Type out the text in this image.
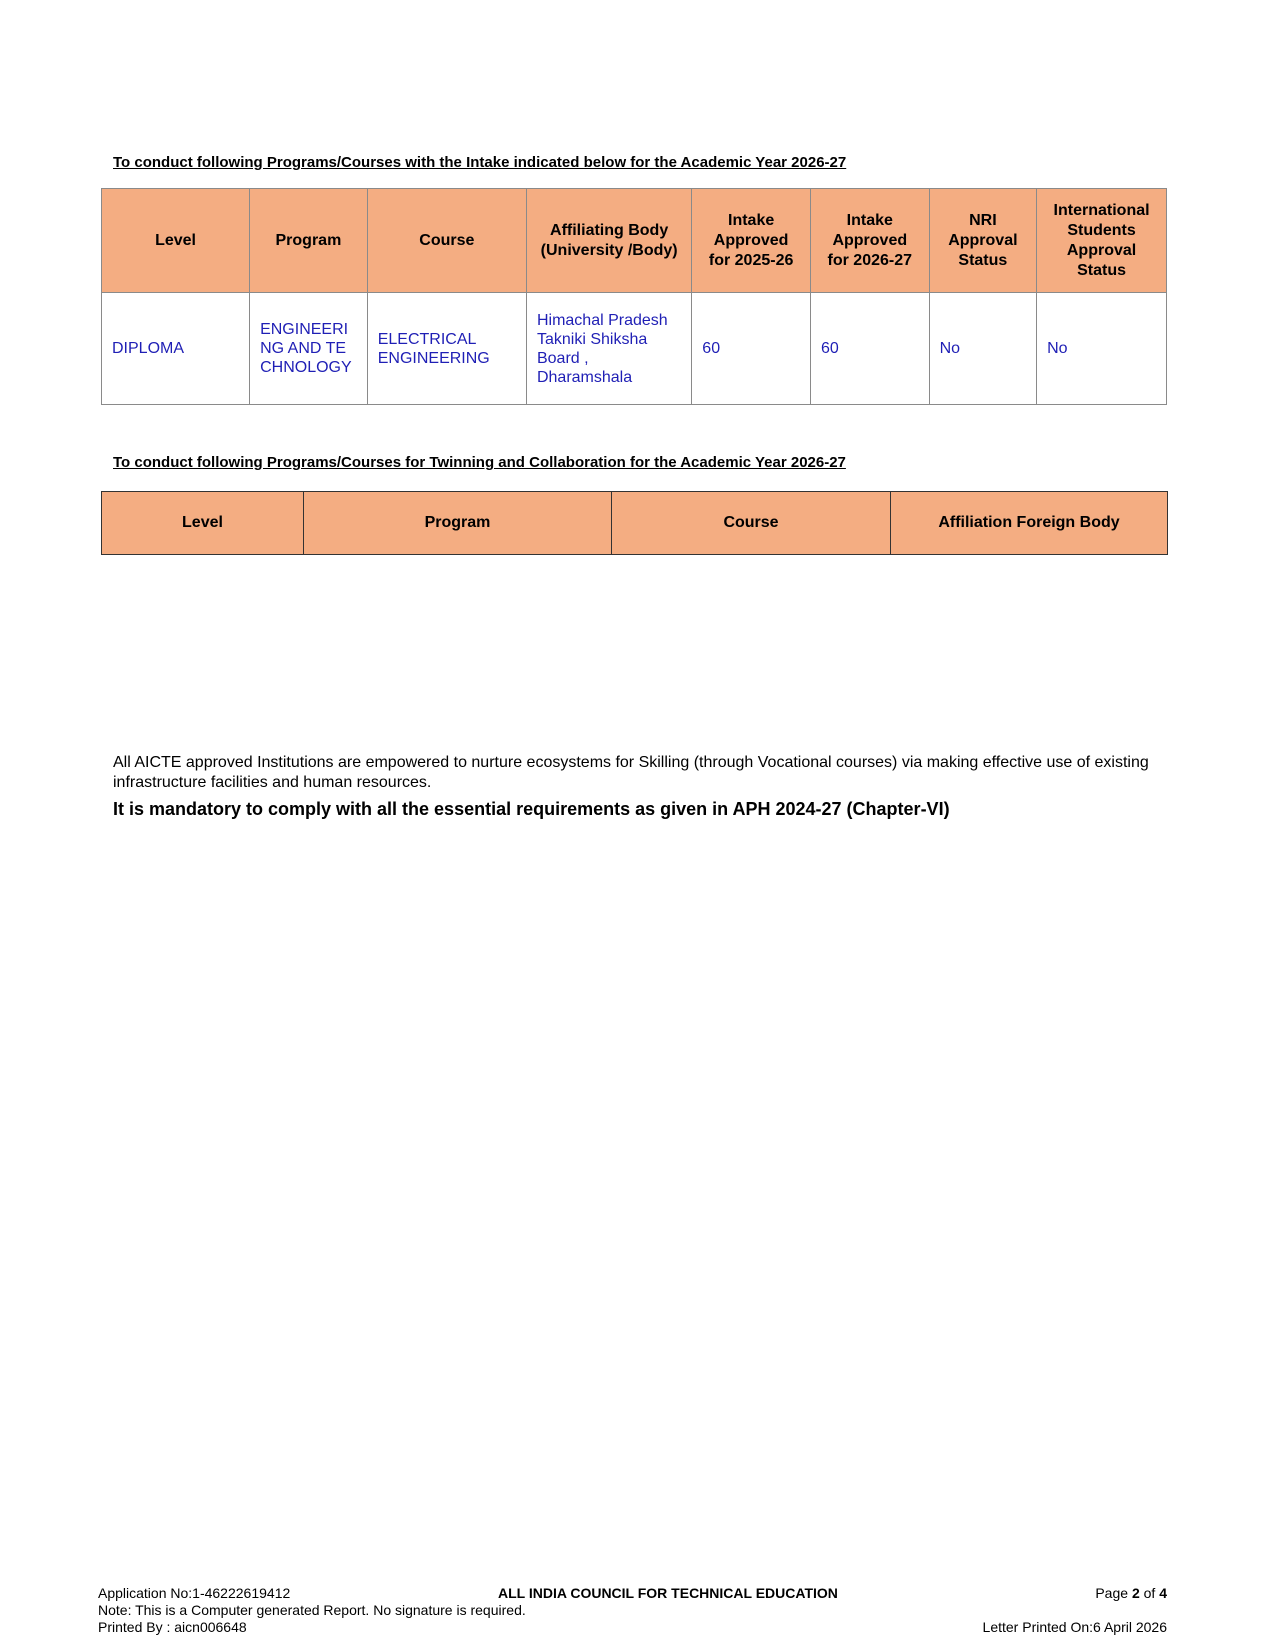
To conduct following Programs/Courses with the Intake indicated below for the Academic Year 2026-27
Level	Program	Course	Affiliating Body (University /Body)	Intake Approved for 2025-26	Intake Approved for 2026-27	NRI Approval Status	International Students Approval Status
DIPLOMA	ENGINEERING AND TECHNOLOGY	ELECTRICAL ENGINEERING	Himachal Pradesh Takniki Shiksha Board , Dharamshala	60	60	No	No
To conduct following Programs/Courses for Twinning and Collaboration for the Academic Year 2026-27
Level	Program	Course	Affiliation Foreign Body
All AICTE approved Institutions are empowered to nurture ecosystems for Skilling (through Vocational courses) via making effective use of existing infrastructure facilities and human resources.
It is mandatory to comply with all the essential requirements as given in APH 2024-27 (Chapter-VI)
Application No:1-46222619412	ALL INDIA COUNCIL FOR TECHNICAL EDUCATION	Page 2 of 4
Note: This is a Computer generated Report. No signature is required.
Printed By : aicn006648	Letter Printed On:6 April 2026
